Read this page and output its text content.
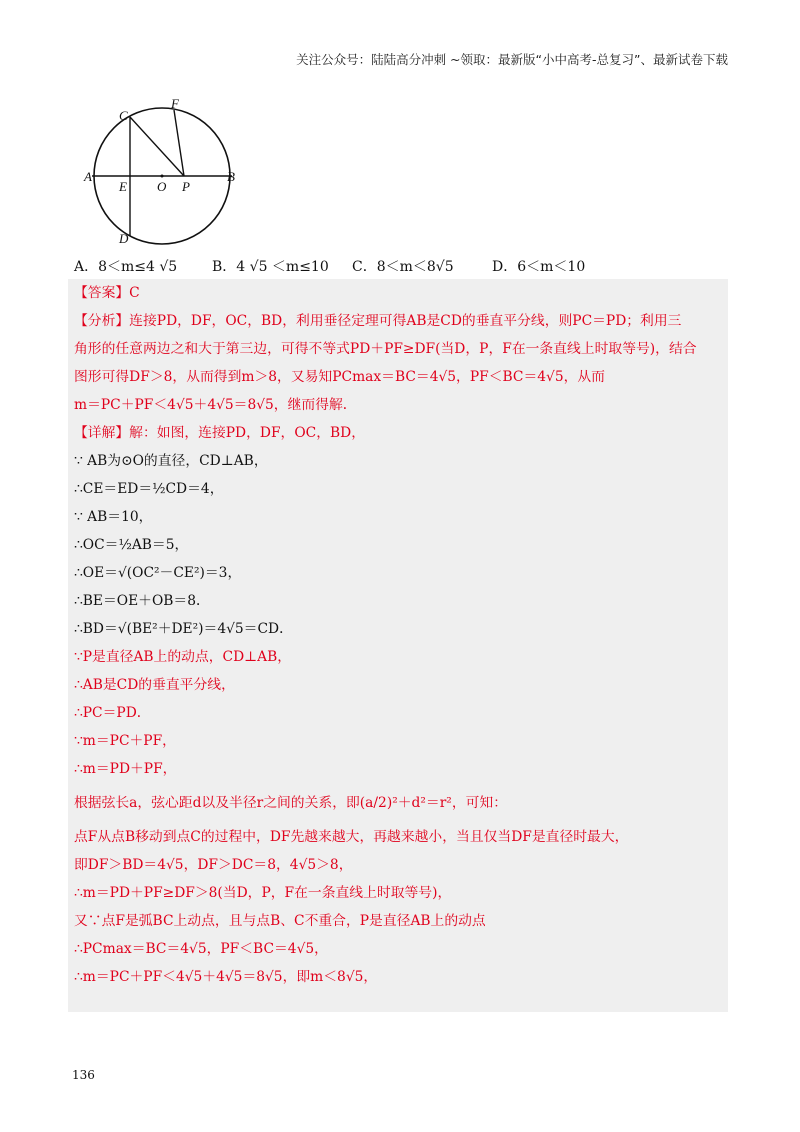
关注公众号：陆陆高分冲刺 ~领取：最新版“小中高考-总复习”、最新试卷下载
C
F
A
E O P
B
D
A．8＜m≤4 √5 B．4 √5 ＜m≤10 C．8＜m＜8√5	D．6＜m＜10
【答案】C
【分析】连接PD，DF，OC，BD，利用垂径定理可得AB是CD的垂直平分线，则PC＝PD；利用三
角形的任意两边之和大于第三边，可得不等式PD＋PF≥DF(当D，P，F在一条直线上时取等号)，结合
图形可得DF＞8，从而得到m＞8，又易知PCmax＝BC＝4√5，PF＜BC＝4√5，从而
m＝PC＋PF＜4√5＋4√5＝8√5，继而得解．
【详解】解：如图，连接PD，DF，OC，BD，
∵ AB为⊙O的直径，CD⊥AB，
∴CE＝ED＝½CD＝4，
∵ AB＝10，
∴OC＝½AB＝5，
∴OE＝√(OC²－CE²)＝3，
∴BE＝OE＋OB＝8．
∴BD＝√(BE²＋DE²)＝4√5＝CD．
∵P是直径AB上的动点，CD⊥AB，
∴AB是CD的垂直平分线，
∴PC＝PD．
∵m＝PC＋PF，
∴m＝PD＋PF，
根据弦长a，弦心距d以及半径r之间的关系，即(a/2)²＋d²＝r²，可知：
点F从点B移动到点C的过程中，DF先越来越大，再越来越小，当且仅当DF是直径时最大，
即DF＞BD＝4√5，DF＞DC＝8，4√5＞8，
∴m＝PD＋PF≥DF＞8(当D，P，F在一条直线上时取等号)，
又∵点F是弧BC上动点，且与点B、C不重合，P是直径AB上的动点
∴PCmax＝BC＝4√5，PF＜BC＝4√5，
∴m＝PC＋PF＜4√5＋4√5＝8√5，即m＜8√5，
136
